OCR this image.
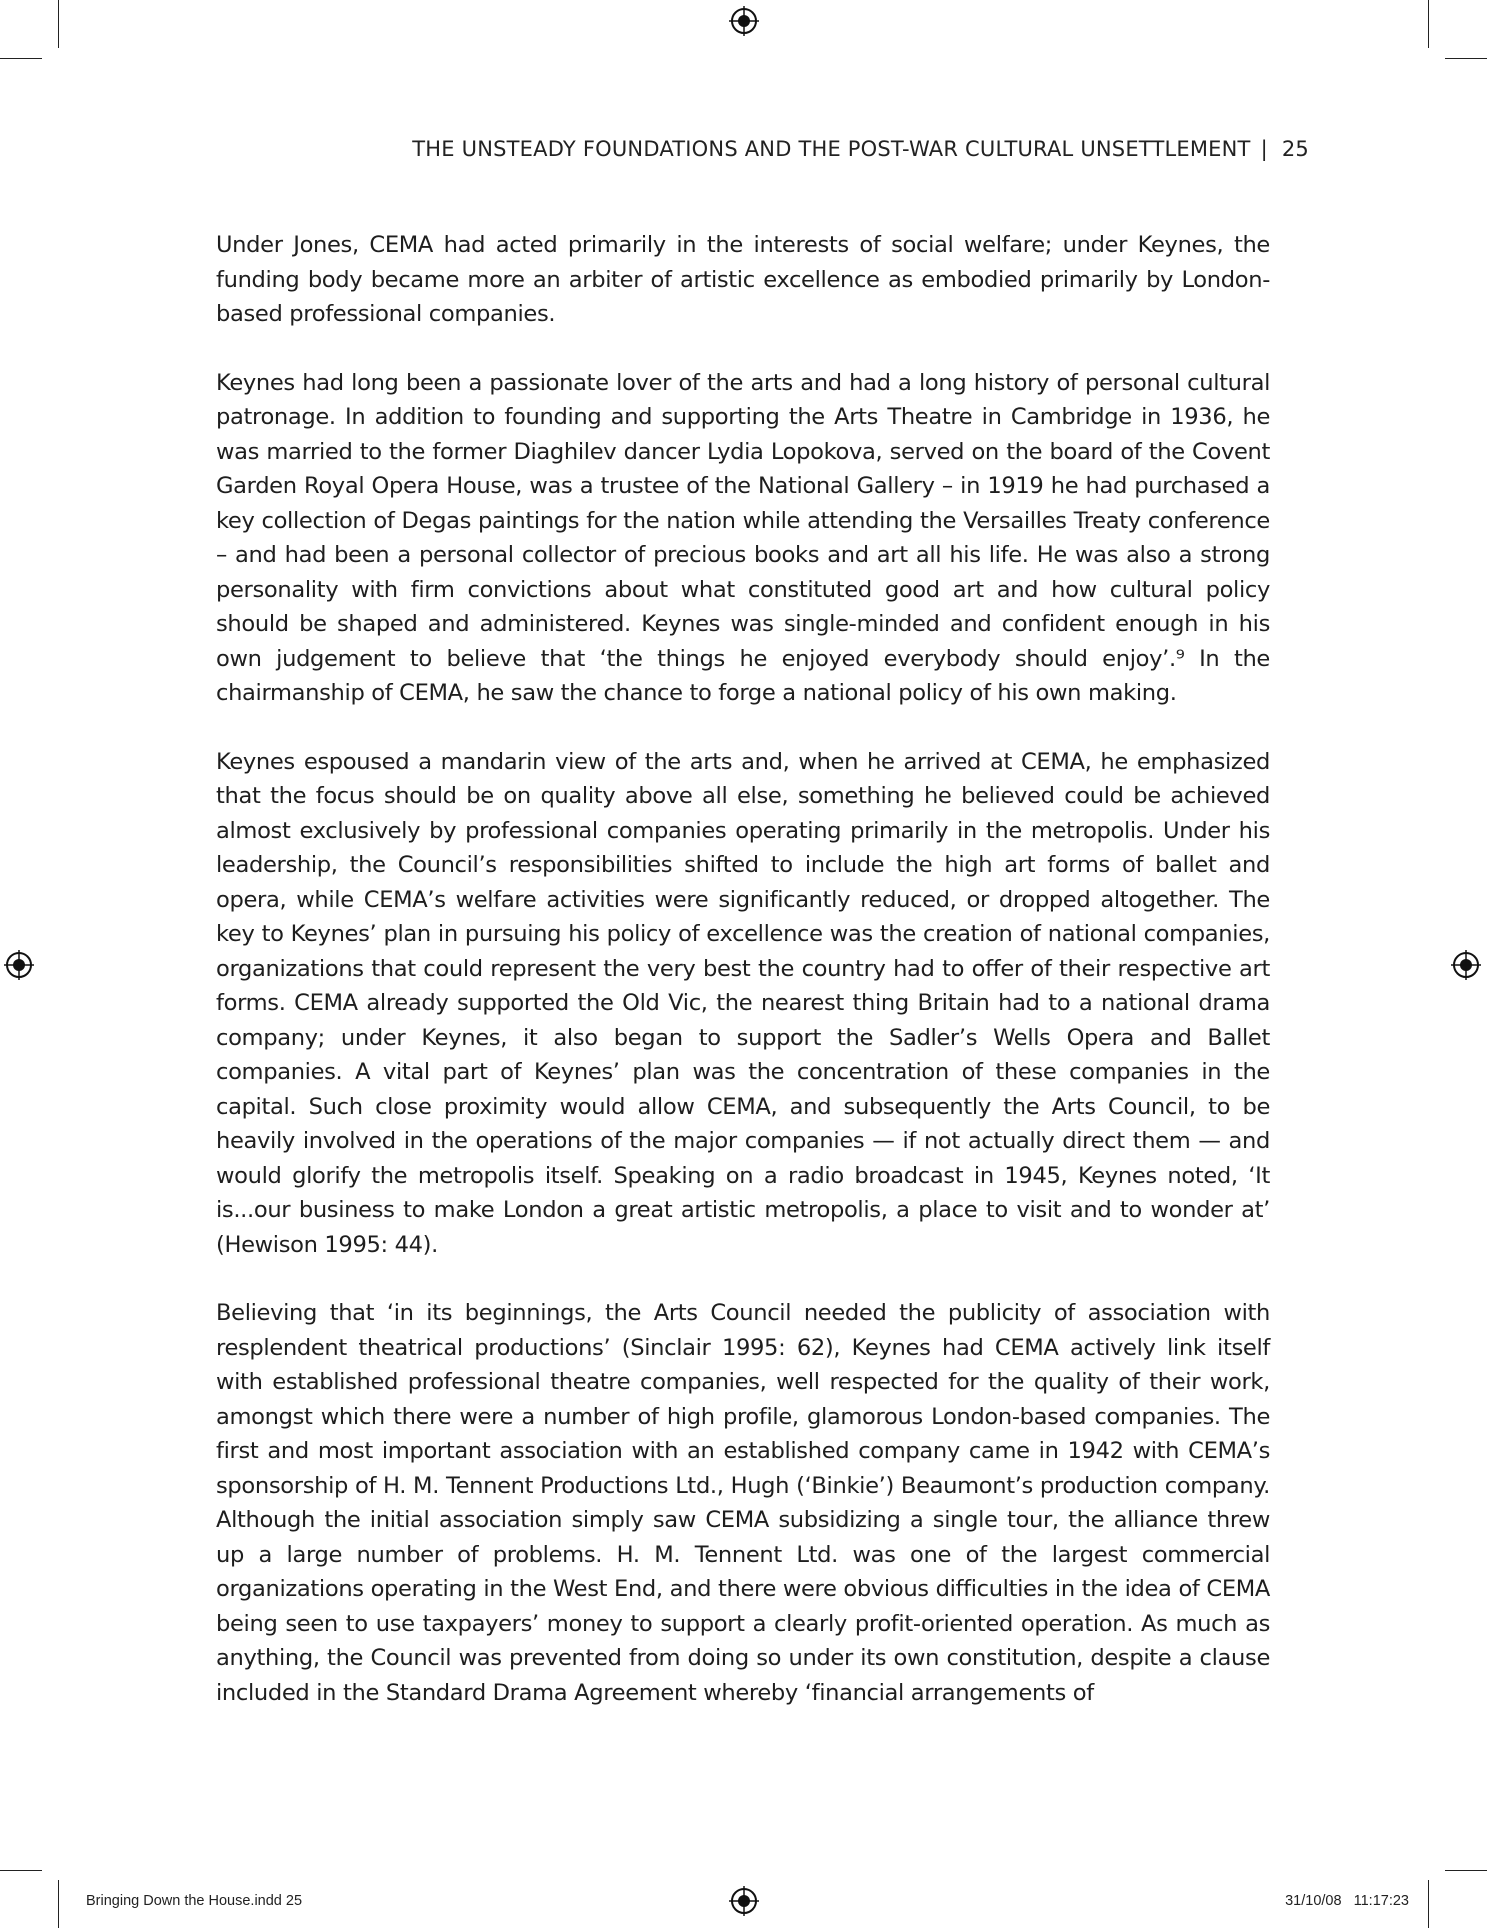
THE UNSTEADY FOUNDATIONS AND THE POST-WAR CULTURAL UNSETTLEMENT | 25

Under Jones, CEMA had acted primarily in the interests of social welfare; under Keynes, the funding body became more an arbiter of artistic excellence as embodied primarily by London-based professional companies.

Keynes had long been a passionate lover of the arts and had a long history of personal cultural patronage. In addition to founding and supporting the Arts Theatre in Cambridge in 1936, he was married to the former Diaghilev dancer Lydia Lopokova, served on the board of the Covent Garden Royal Opera House, was a trustee of the National Gallery – in 1919 he had purchased a key collection of Degas paintings for the nation while attending the Versailles Treaty conference – and had been a personal collector of precious books and art all his life. He was also a strong personality with firm convictions about what constituted good art and how cultural policy should be shaped and administered. Keynes was single-minded and confident enough in his own judgement to believe that ‘the things he enjoyed everybody should enjoy’.⁹ In the chairmanship of CEMA, he saw the chance to forge a national policy of his own making.

Keynes espoused a mandarin view of the arts and, when he arrived at CEMA, he emphasized that the focus should be on quality above all else, something he believed could be achieved almost exclusively by professional companies operating primarily in the metropolis. Under his leadership, the Council’s responsibilities shifted to include the high art forms of ballet and opera, while CEMA’s welfare activities were significantly reduced, or dropped altogether. The key to Keynes’ plan in pursuing his policy of excellence was the creation of national companies, organizations that could represent the very best the country had to offer of their respective art forms. CEMA already supported the Old Vic, the nearest thing Britain had to a national drama company; under Keynes, it also began to support the Sadler’s Wells Opera and Ballet companies. A vital part of Keynes’ plan was the concentration of these companies in the capital. Such close proximity would allow CEMA, and subsequently the Arts Council, to be heavily involved in the operations of the major companies — if not actually direct them — and would glorify the metropolis itself. Speaking on a radio broadcast in 1945, Keynes noted, ‘It is...our business to make London a great artistic metropolis, a place to visit and to wonder at’ (Hewison 1995: 44).

Believing that ‘in its beginnings, the Arts Council needed the publicity of association with resplendent theatrical productions’ (Sinclair 1995: 62), Keynes had CEMA actively link itself with established professional theatre companies, well respected for the quality of their work, amongst which there were a number of high profile, glamorous London-based companies. The first and most important association with an established company came in 1942 with CEMA’s sponsorship of H. M. Tennent Productions Ltd., Hugh (‘Binkie’) Beaumont’s production company. Although the initial association simply saw CEMA subsidizing a single tour, the alliance threw up a large number of problems. H. M. Tennent Ltd. was one of the largest commercial organizations operating in the West End, and there were obvious difficulties in the idea of CEMA being seen to use taxpayers’ money to support a clearly profit-oriented operation. As much as anything, the Council was prevented from doing so under its own constitution, despite a clause included in the Standard Drama Agreement whereby ‘financial arrangements of

Bringing Down the House.indd 25	31/10/08   11:17:23
